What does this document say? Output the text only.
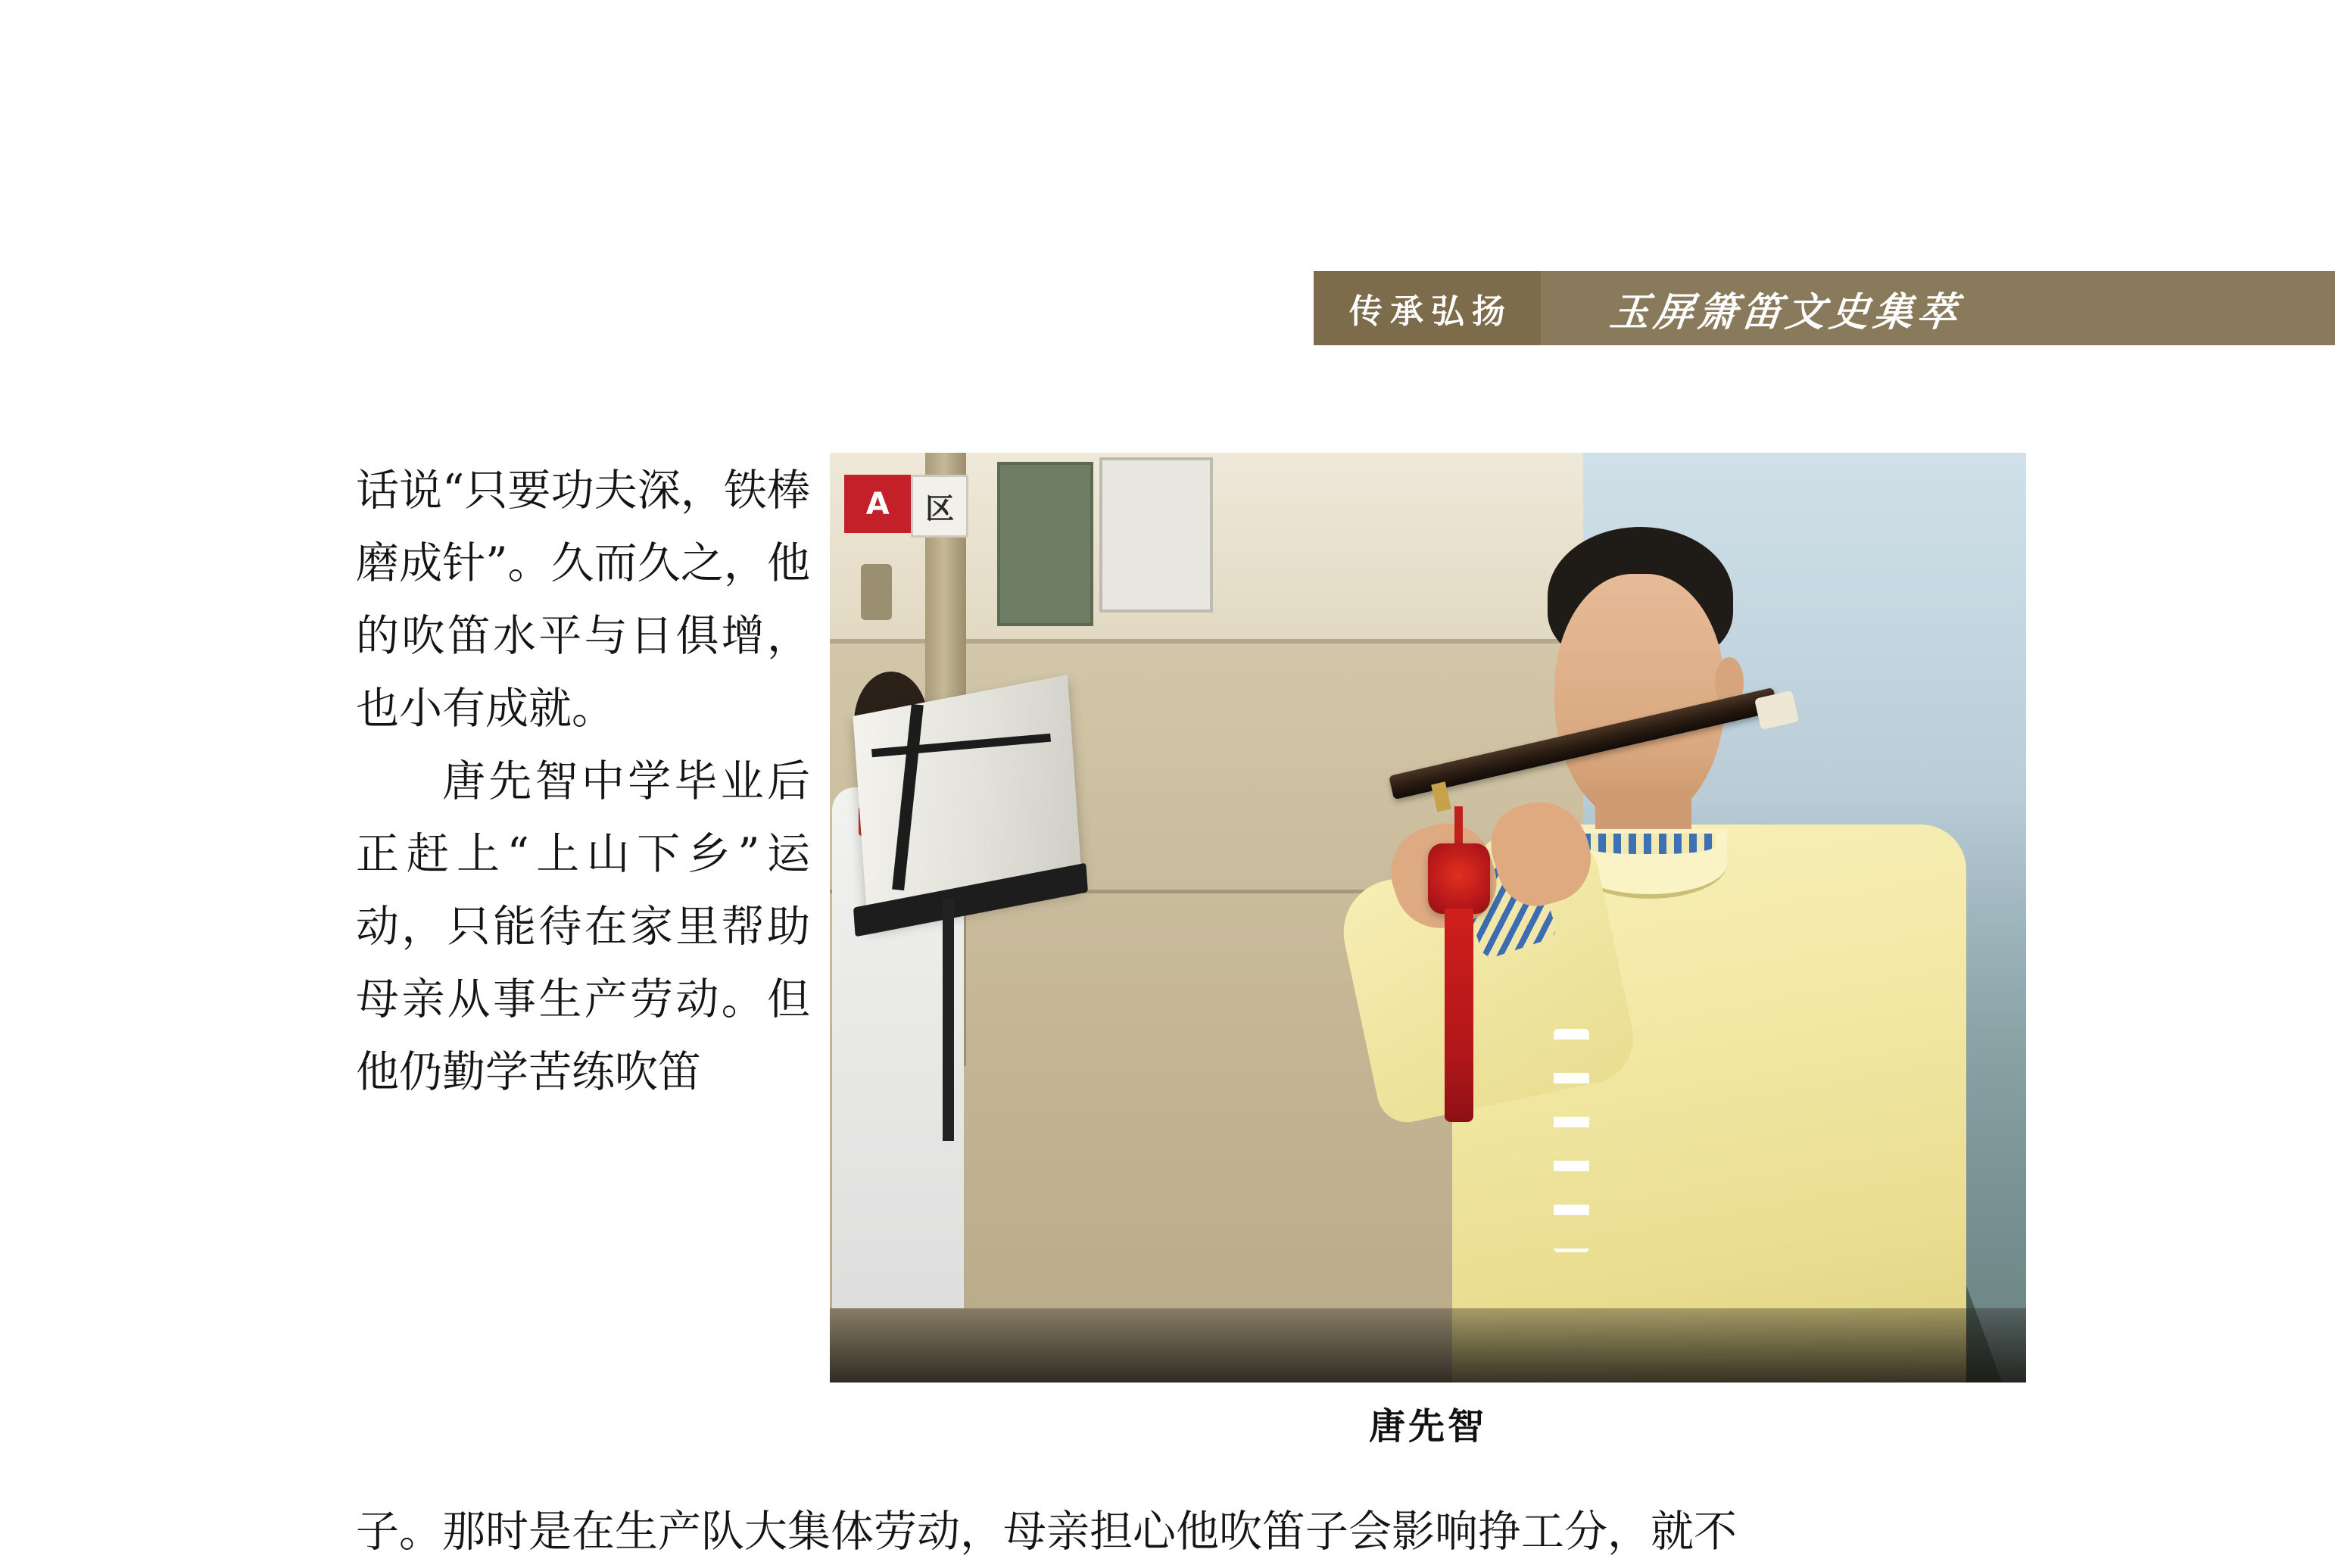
传承弘扬 玉屏箫笛文史集萃

话说“只要功夫深，铁棒磨成针”。久而久之，他的吹笛水平与日俱增，也小有成就。

唐先智中学毕业后正赶上“上山下乡”运动，只能待在家里帮助母亲从事生产劳动。但他仍勤学苦练吹笛

子。那时是在生产队大集体劳动，母亲担心他吹笛子会影响挣工分，就不
A 区
唐先智
